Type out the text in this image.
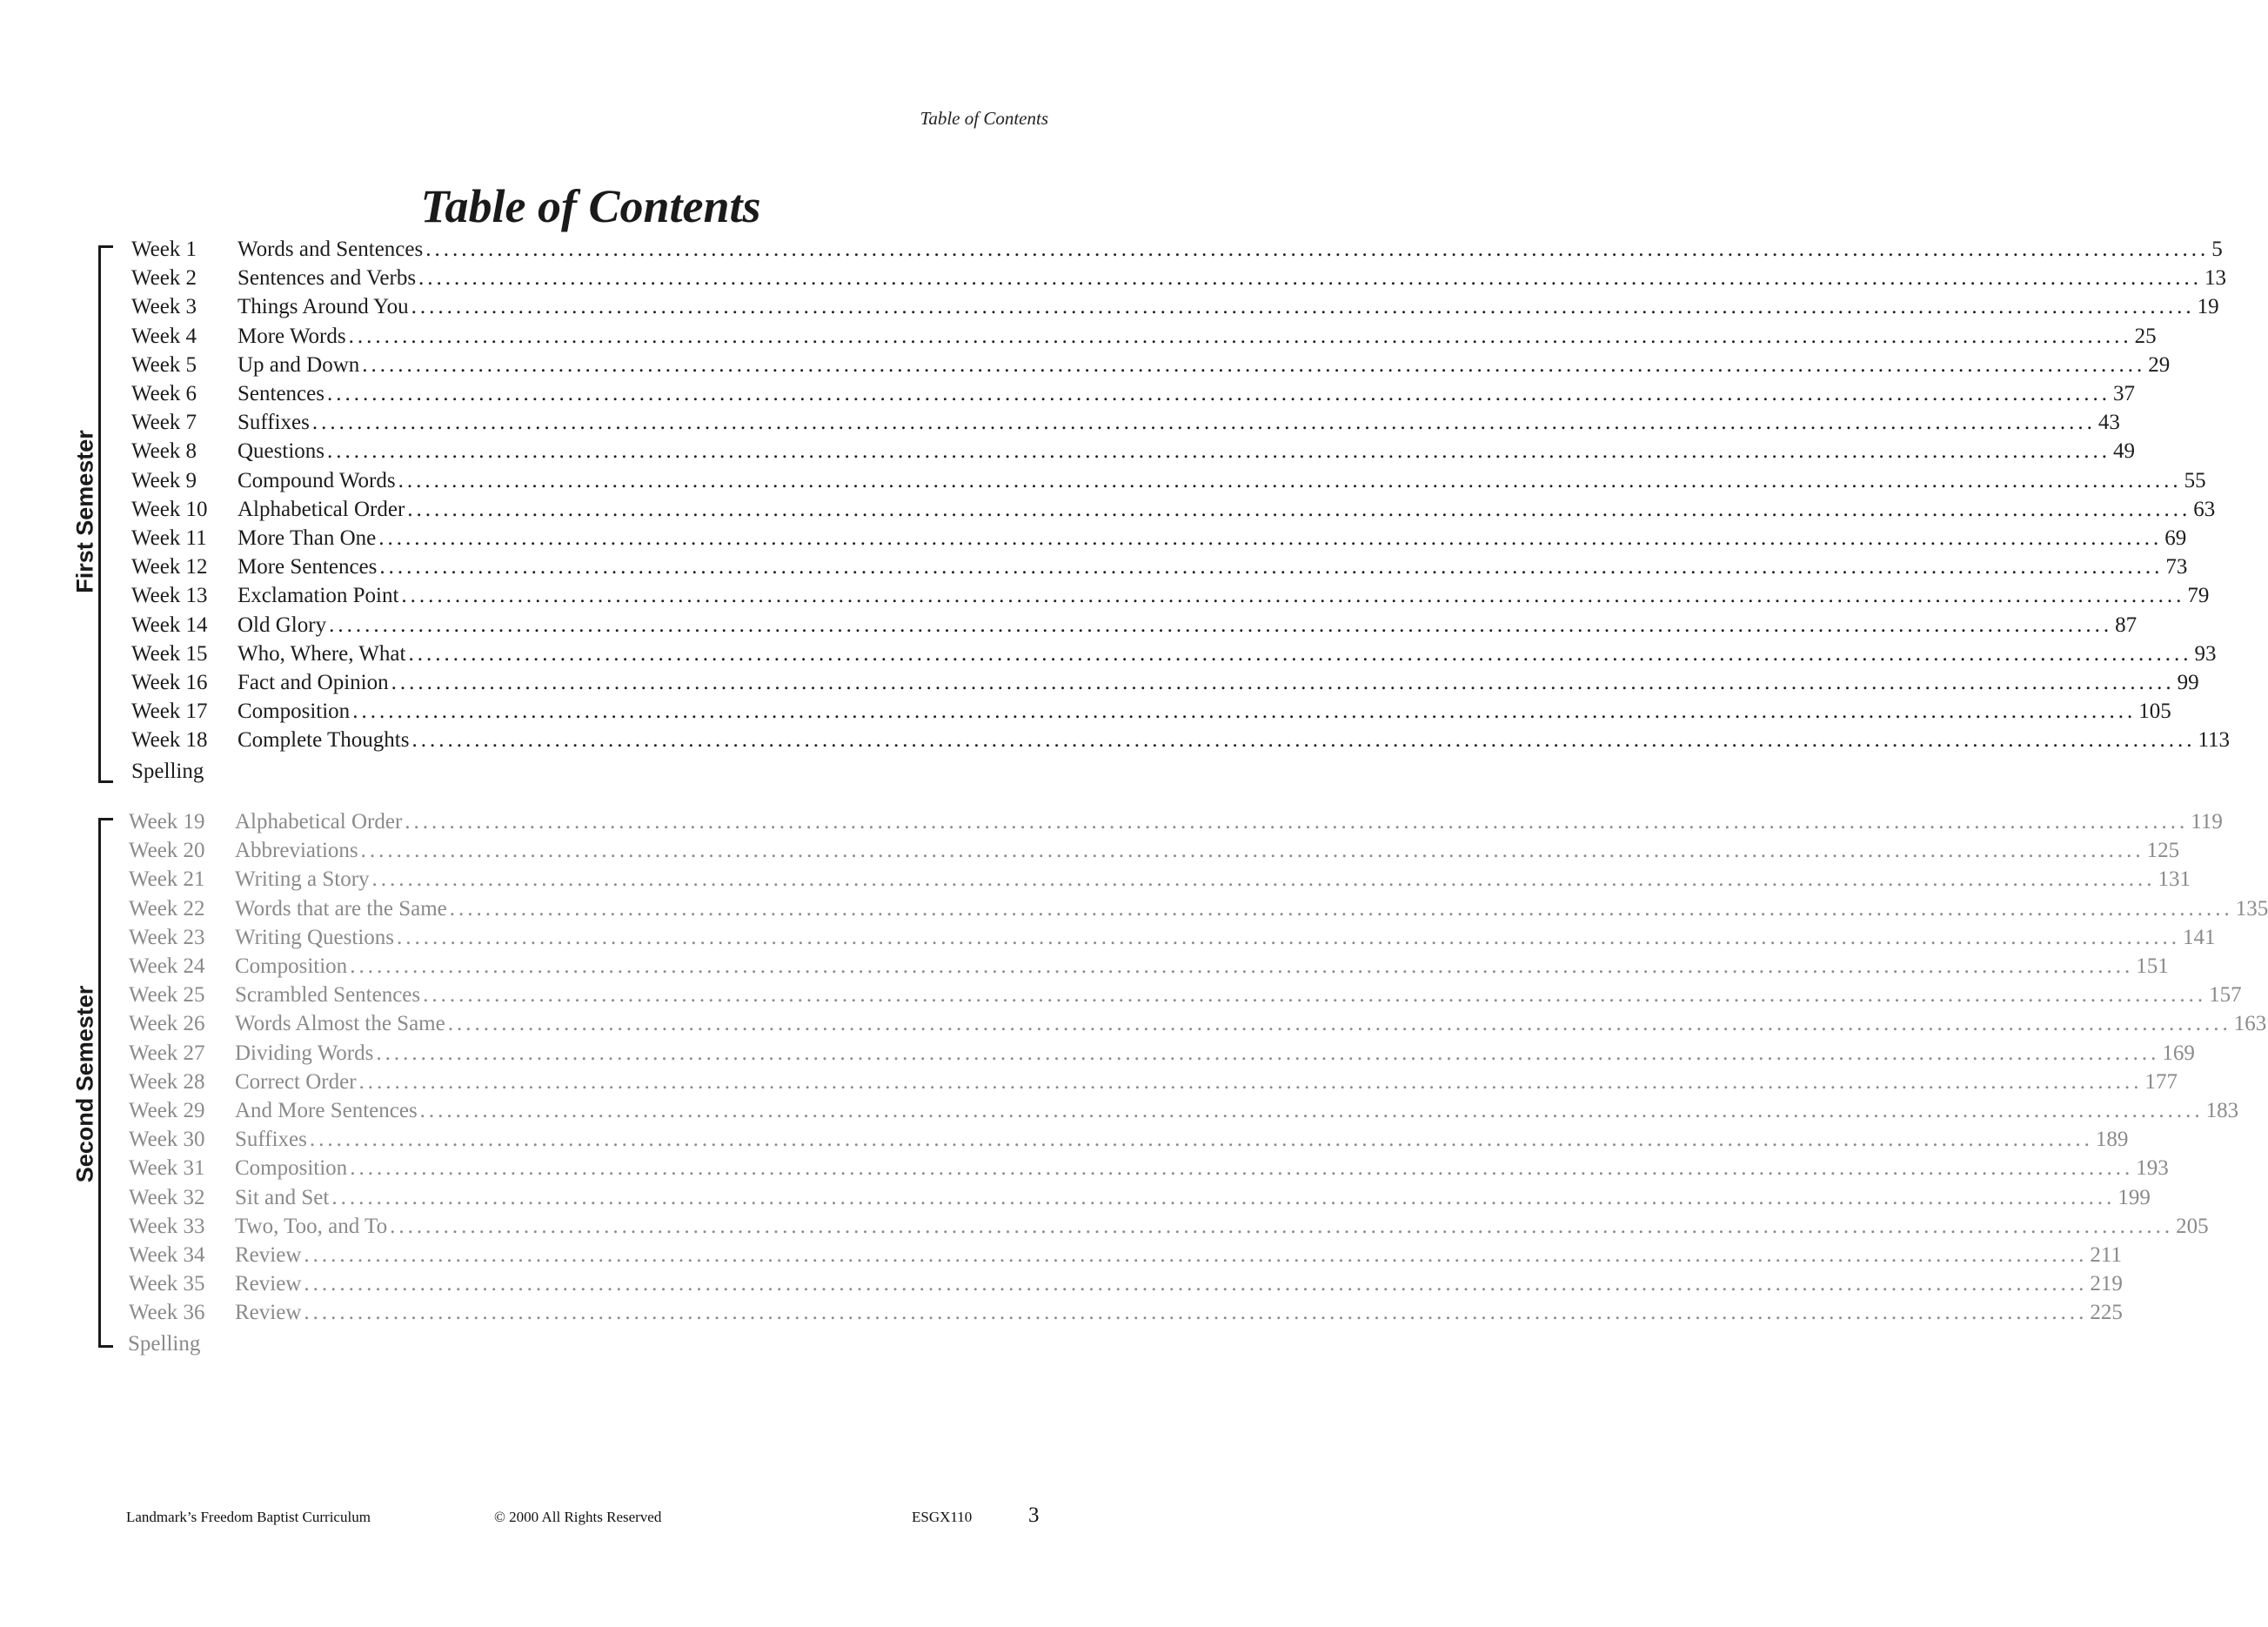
Table of Contents
Table of Contents
First Semester
Week 1 Words and Sentences ........................................................................................................................................................................................................ 5
Week 2 Sentences and Verbs ........................................................................................................................................................................................................ 13
Week 3 Things Around You ........................................................................................................................................................................................................ 19
Week 4 More Words ........................................................................................................................................................................................................ 25
Week 5 Up and Down ........................................................................................................................................................................................................ 29
Week 6 Sentences ........................................................................................................................................................................................................ 37
Week 7 Suffixes ........................................................................................................................................................................................................ 43
Week 8 Questions ........................................................................................................................................................................................................ 49
Week 9 Compound Words ........................................................................................................................................................................................................ 55
Week 10 Alphabetical Order ........................................................................................................................................................................................................ 63
Week 11 More Than One ........................................................................................................................................................................................................ 69
Week 12 More Sentences ........................................................................................................................................................................................................ 73
Week 13 Exclamation Point ........................................................................................................................................................................................................ 79
Week 14 Old Glory ........................................................................................................................................................................................................ 87
Week 15 Who, Where, What ........................................................................................................................................................................................................ 93
Week 16 Fact and Opinion ........................................................................................................................................................................................................ 99
Week 17 Composition ........................................................................................................................................................................................................ 105
Week 18 Complete Thoughts ........................................................................................................................................................................................................ 113
Spelling
Second Semester
Week 19 Alphabetical Order ........................................................................................................................................................................................................ 119
Week 20 Abbreviations ........................................................................................................................................................................................................ 125
Week 21 Writing a Story ........................................................................................................................................................................................................ 131
Week 22 Words that are the Same ........................................................................................................................................................................................................ 135
Week 23 Writing Questions ........................................................................................................................................................................................................ 141
Week 24 Composition ........................................................................................................................................................................................................ 151
Week 25 Scrambled Sentences ........................................................................................................................................................................................................ 157
Week 26 Words Almost the Same ........................................................................................................................................................................................................ 163
Week 27 Dividing Words ........................................................................................................................................................................................................ 169
Week 28 Correct Order ........................................................................................................................................................................................................ 177
Week 29 And More Sentences ........................................................................................................................................................................................................ 183
Week 30 Suffixes ........................................................................................................................................................................................................ 189
Week 31 Composition ........................................................................................................................................................................................................ 193
Week 32 Sit and Set ........................................................................................................................................................................................................ 199
Week 33 Two, Too, and To ........................................................................................................................................................................................................ 205
Week 34 Review ........................................................................................................................................................................................................ 211
Week 35 Review ........................................................................................................................................................................................................ 219
Week 36 Review ........................................................................................................................................................................................................ 225
Spelling
Landmark’s Freedom Baptist Curriculum	© 2000 All Rights Reserved	ESGX110	3
